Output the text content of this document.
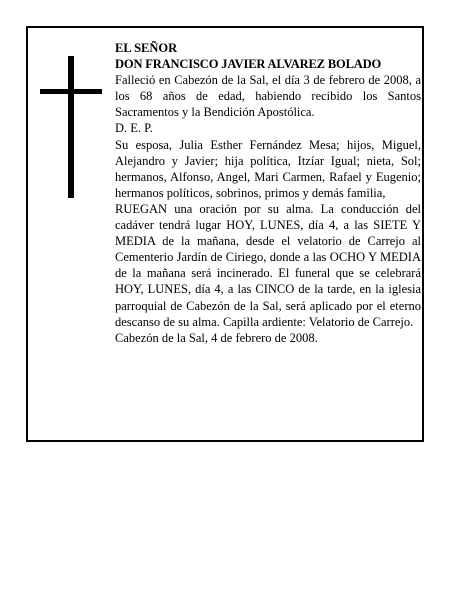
EL SEÑOR

DON FRANCISCO JAVIER ALVAREZ BOLADO

Falleció en Cabezón de la Sal, el día 3 de febrero de 2008, a los 68 años de edad, habiendo recibido los Santos Sacramentos y la Bendición Apostólica.

D. E. P.

Su esposa, Julia Esther Fernández Mesa; hijos, Miguel, Alejandro y Javier; hija política, Itzíar Igual; nieta, Sol; hermanos, Alfonso, Angel, Mari Carmen, Rafael y Eugenio; hermanos políticos, sobrinos, primos y demás familia,

RUEGAN una oración por su alma. La conducción del cadáver tendrá lugar HOY, LUNES, día 4, a las SIETE Y MEDIA de la mañana, desde el velatorio de Carrejo al Cementerio Jardín de Ciriego, donde a las OCHO Y MEDIA de la mañana será incinerado. El funeral que se celebrará HOY, LUNES, día 4, a las CINCO de la tarde, en la iglesia parroquial de Cabezón de la Sal, será aplicado por el eterno descanso de su alma. Capilla ardiente: Velatorio de Carrejo.

Cabezón de la Sal, 4 de febrero de 2008.
